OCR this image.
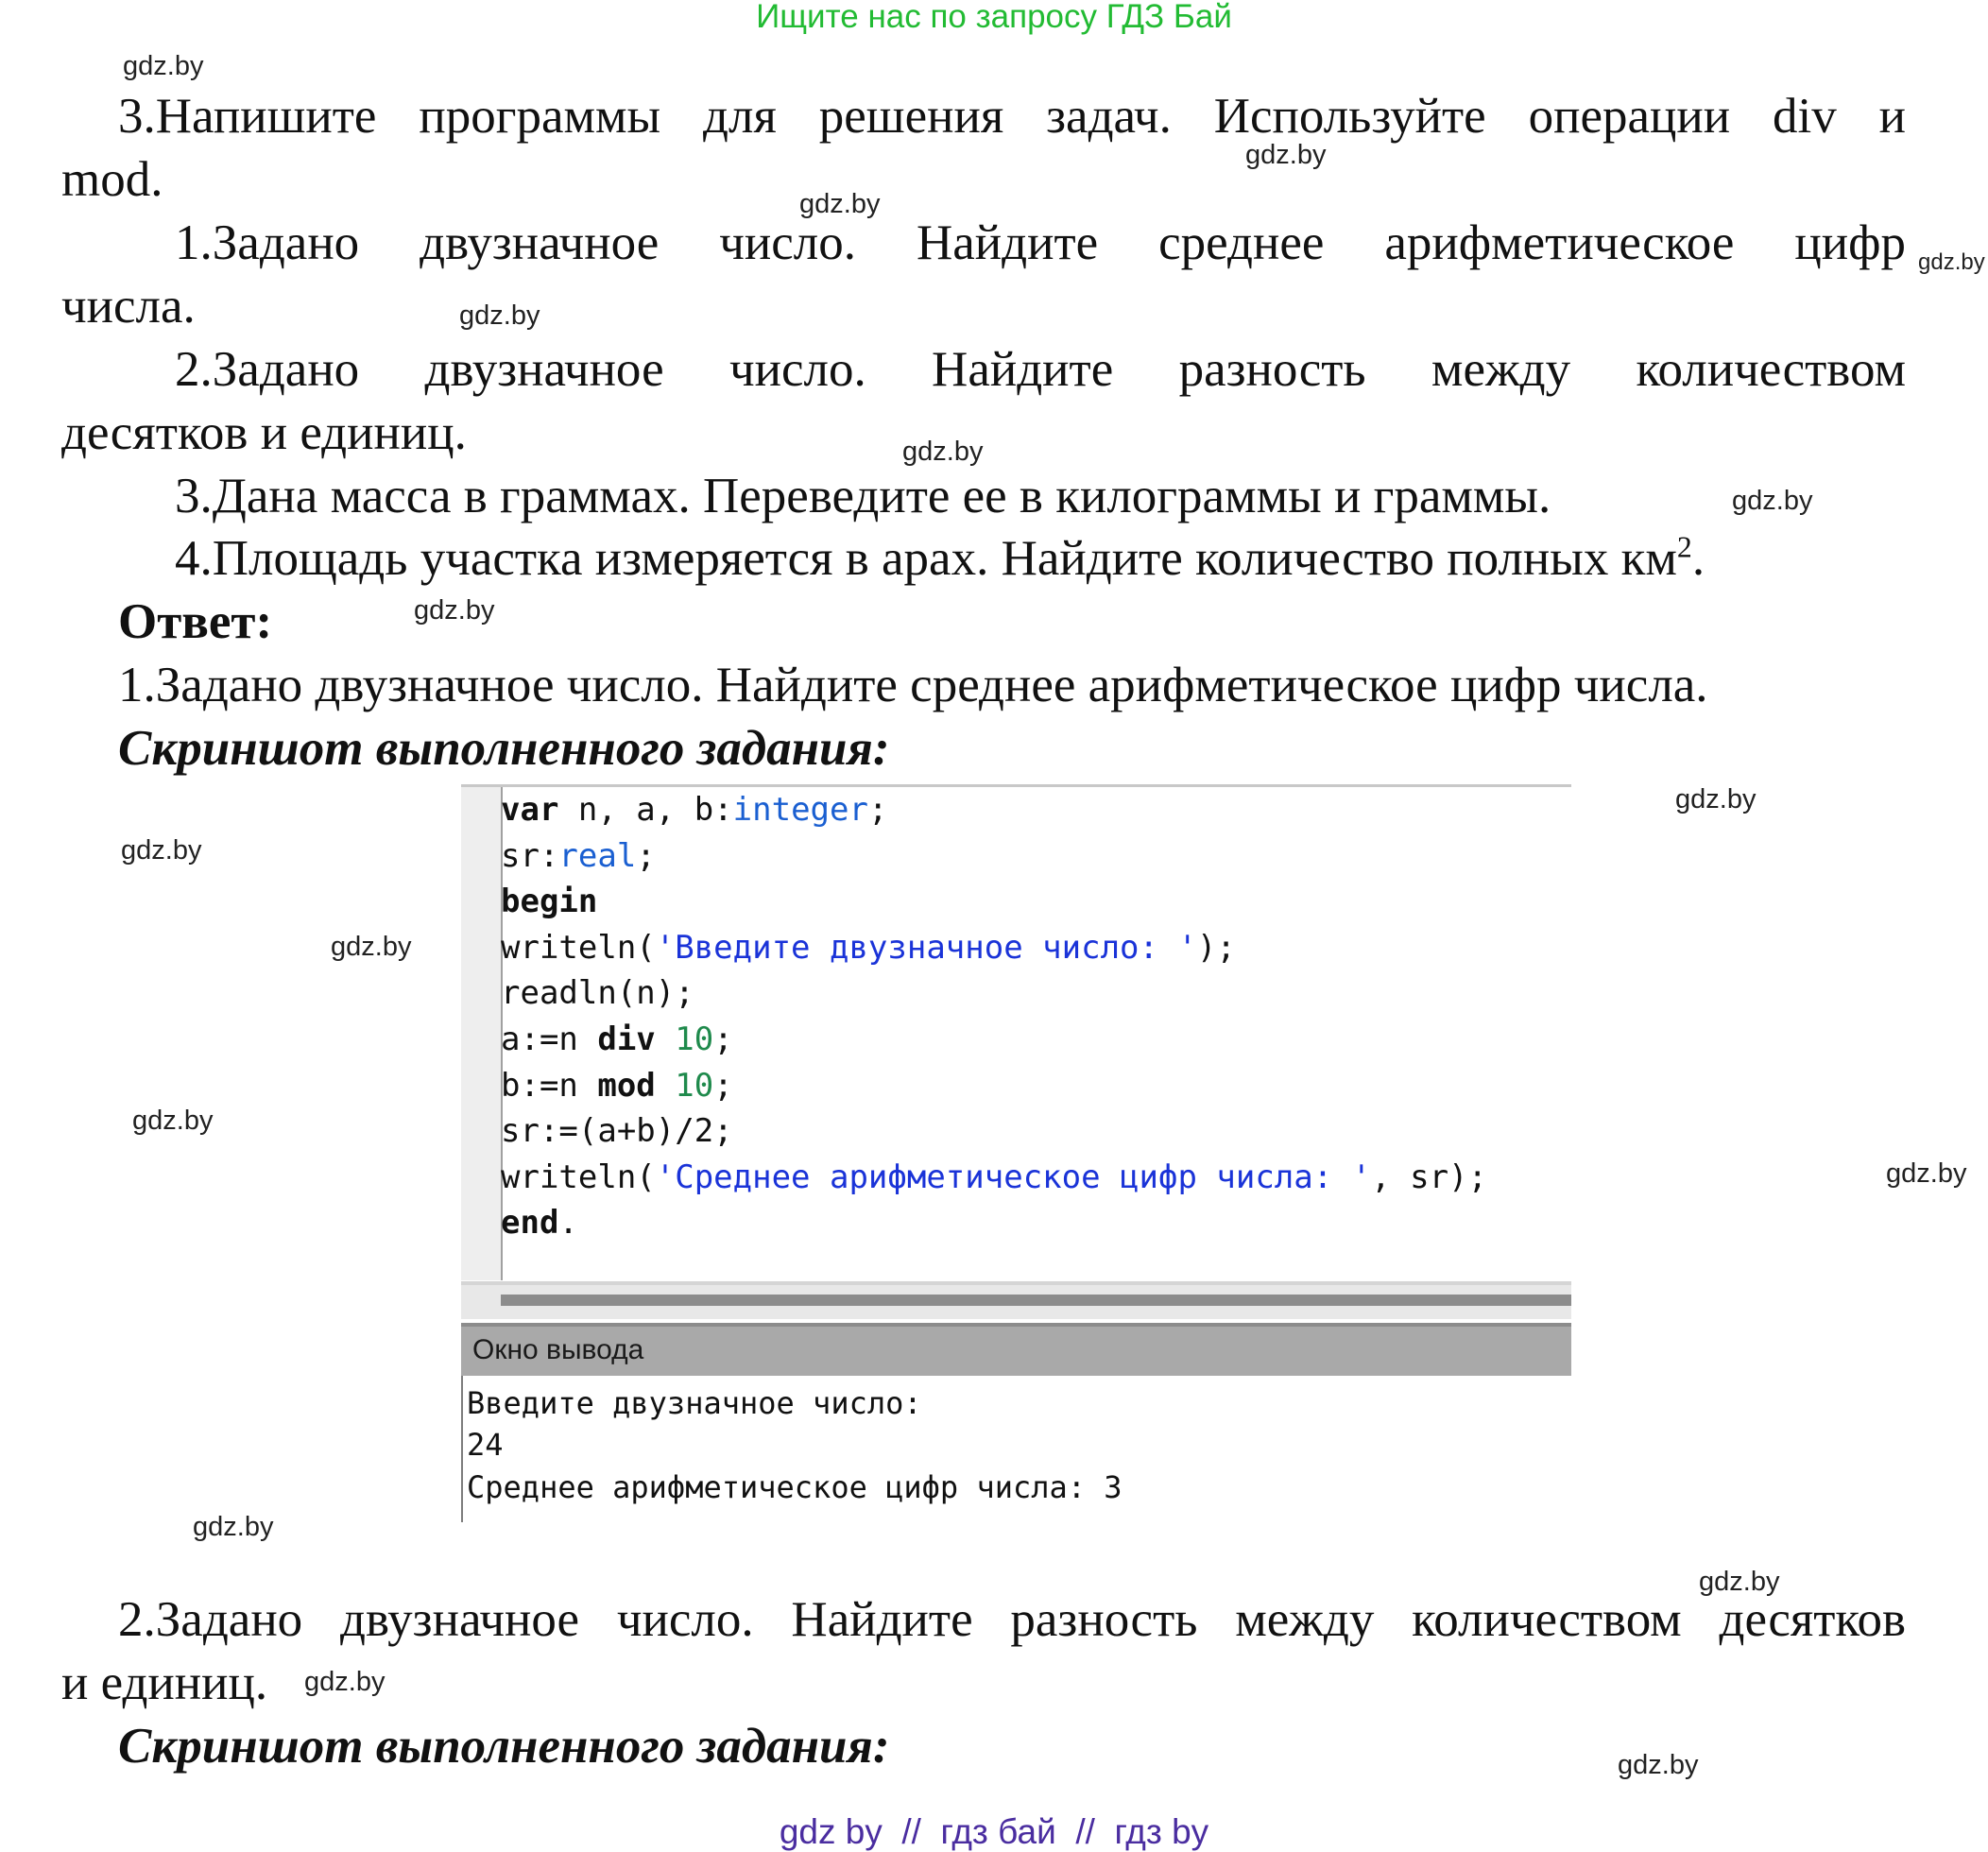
Ищите нас по запросу ГДЗ Бай
gdz.by
gdz.by
gdz.by
gdz.by
gdz.by
gdz.by
gdz.by
gdz.by
gdz.by
gdz.by
gdz.by
gdz.by
gdz.by
gdz.by
gdz.by
gdz.by
gdz.by
3.Напишите программы для решения задач. Используйте операции div и
mod.
1.Задано двузначное число. Найдите среднее арифметическое цифр
числа.
2.Задано двузначное число. Найдите разность между количеством
десятков и единиц.
3.Дана масса в граммах. Переведите ее в килограммы и граммы.
4.Площадь участка измеряется в арах. Найдите количество полных $км^2$.
Ответ:
1.Задано двузначное число. Найдите среднее арифметическое цифр числа.
Скриншот выполненного задания:
var n, a, b:integer;
sr:real;
begin
writeln('Введите двузначное число: ');
readln(n);
a:=n div 10;
b:=n mod 10;
sr:=(a+b)/2;
writeln('Среднее арифметическое цифр числа: ', sr);
end.
Окно вывода
Введите двузначное число:
24
Среднее арифметическое цифр числа: 3
2.Задано двузначное число. Найдите разность между количеством десятков
и единиц.
Скриншот выполненного задания:
gdz by  //  гдз бай  //  гдз by
